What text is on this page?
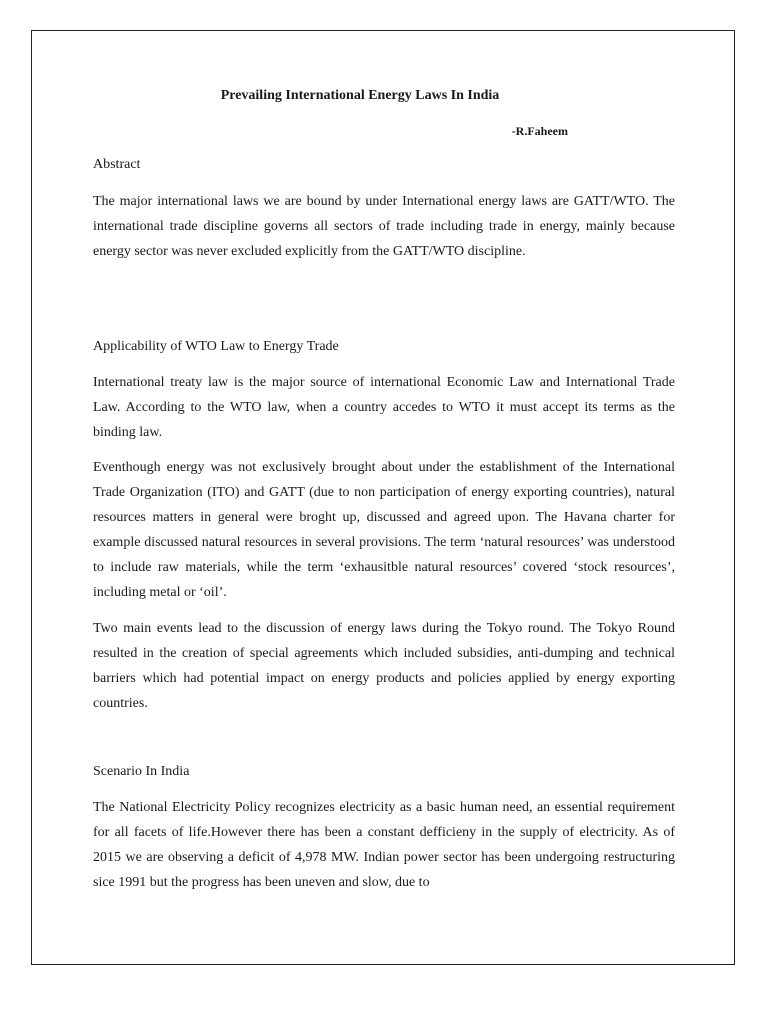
Prevailing International Energy Laws In India

-R.Faheem

Abstract

The major international laws we are bound by under International energy laws are GATT/WTO. The international trade discipline governs all sectors of trade including trade in energy, mainly because energy sector was never excluded explicitly from the GATT/WTO discipline.

Applicability of WTO Law to Energy Trade

International treaty law is the major source of international Economic Law and International Trade Law. According to the WTO law, when a country accedes to WTO it must accept its terms as the binding law.

Eventhough energy was not exclusively brought about under the establishment of the International Trade Organization (ITO) and GATT (due to non participation of energy exporting countries), natural resources matters in general were broght up, discussed and agreed upon. The Havana charter for example discussed natural resources in several provisions. The term ‘natural resources’ was understood to include raw materials, while the term ‘exhausitble natural resources’ covered ‘stock resources’, including metal or ‘oil’.

Two main events lead to the discussion of energy laws during the Tokyo round. The Tokyo Round resulted in the creation of special agreements which included subsidies, anti-dumping and technical barriers which had potential impact on energy products and policies applied by energy exporting countries.

Scenario In India

The National Electricity Policy recognizes electricity as a basic human need, an essential requirement for all facets of life.However there has been a constant defficieny in the supply of electricity. As of 2015 we are observing a deficit of 4,978 MW. Indian power sector has been undergoing restructuring sice 1991 but the progress has been uneven and slow, due to
